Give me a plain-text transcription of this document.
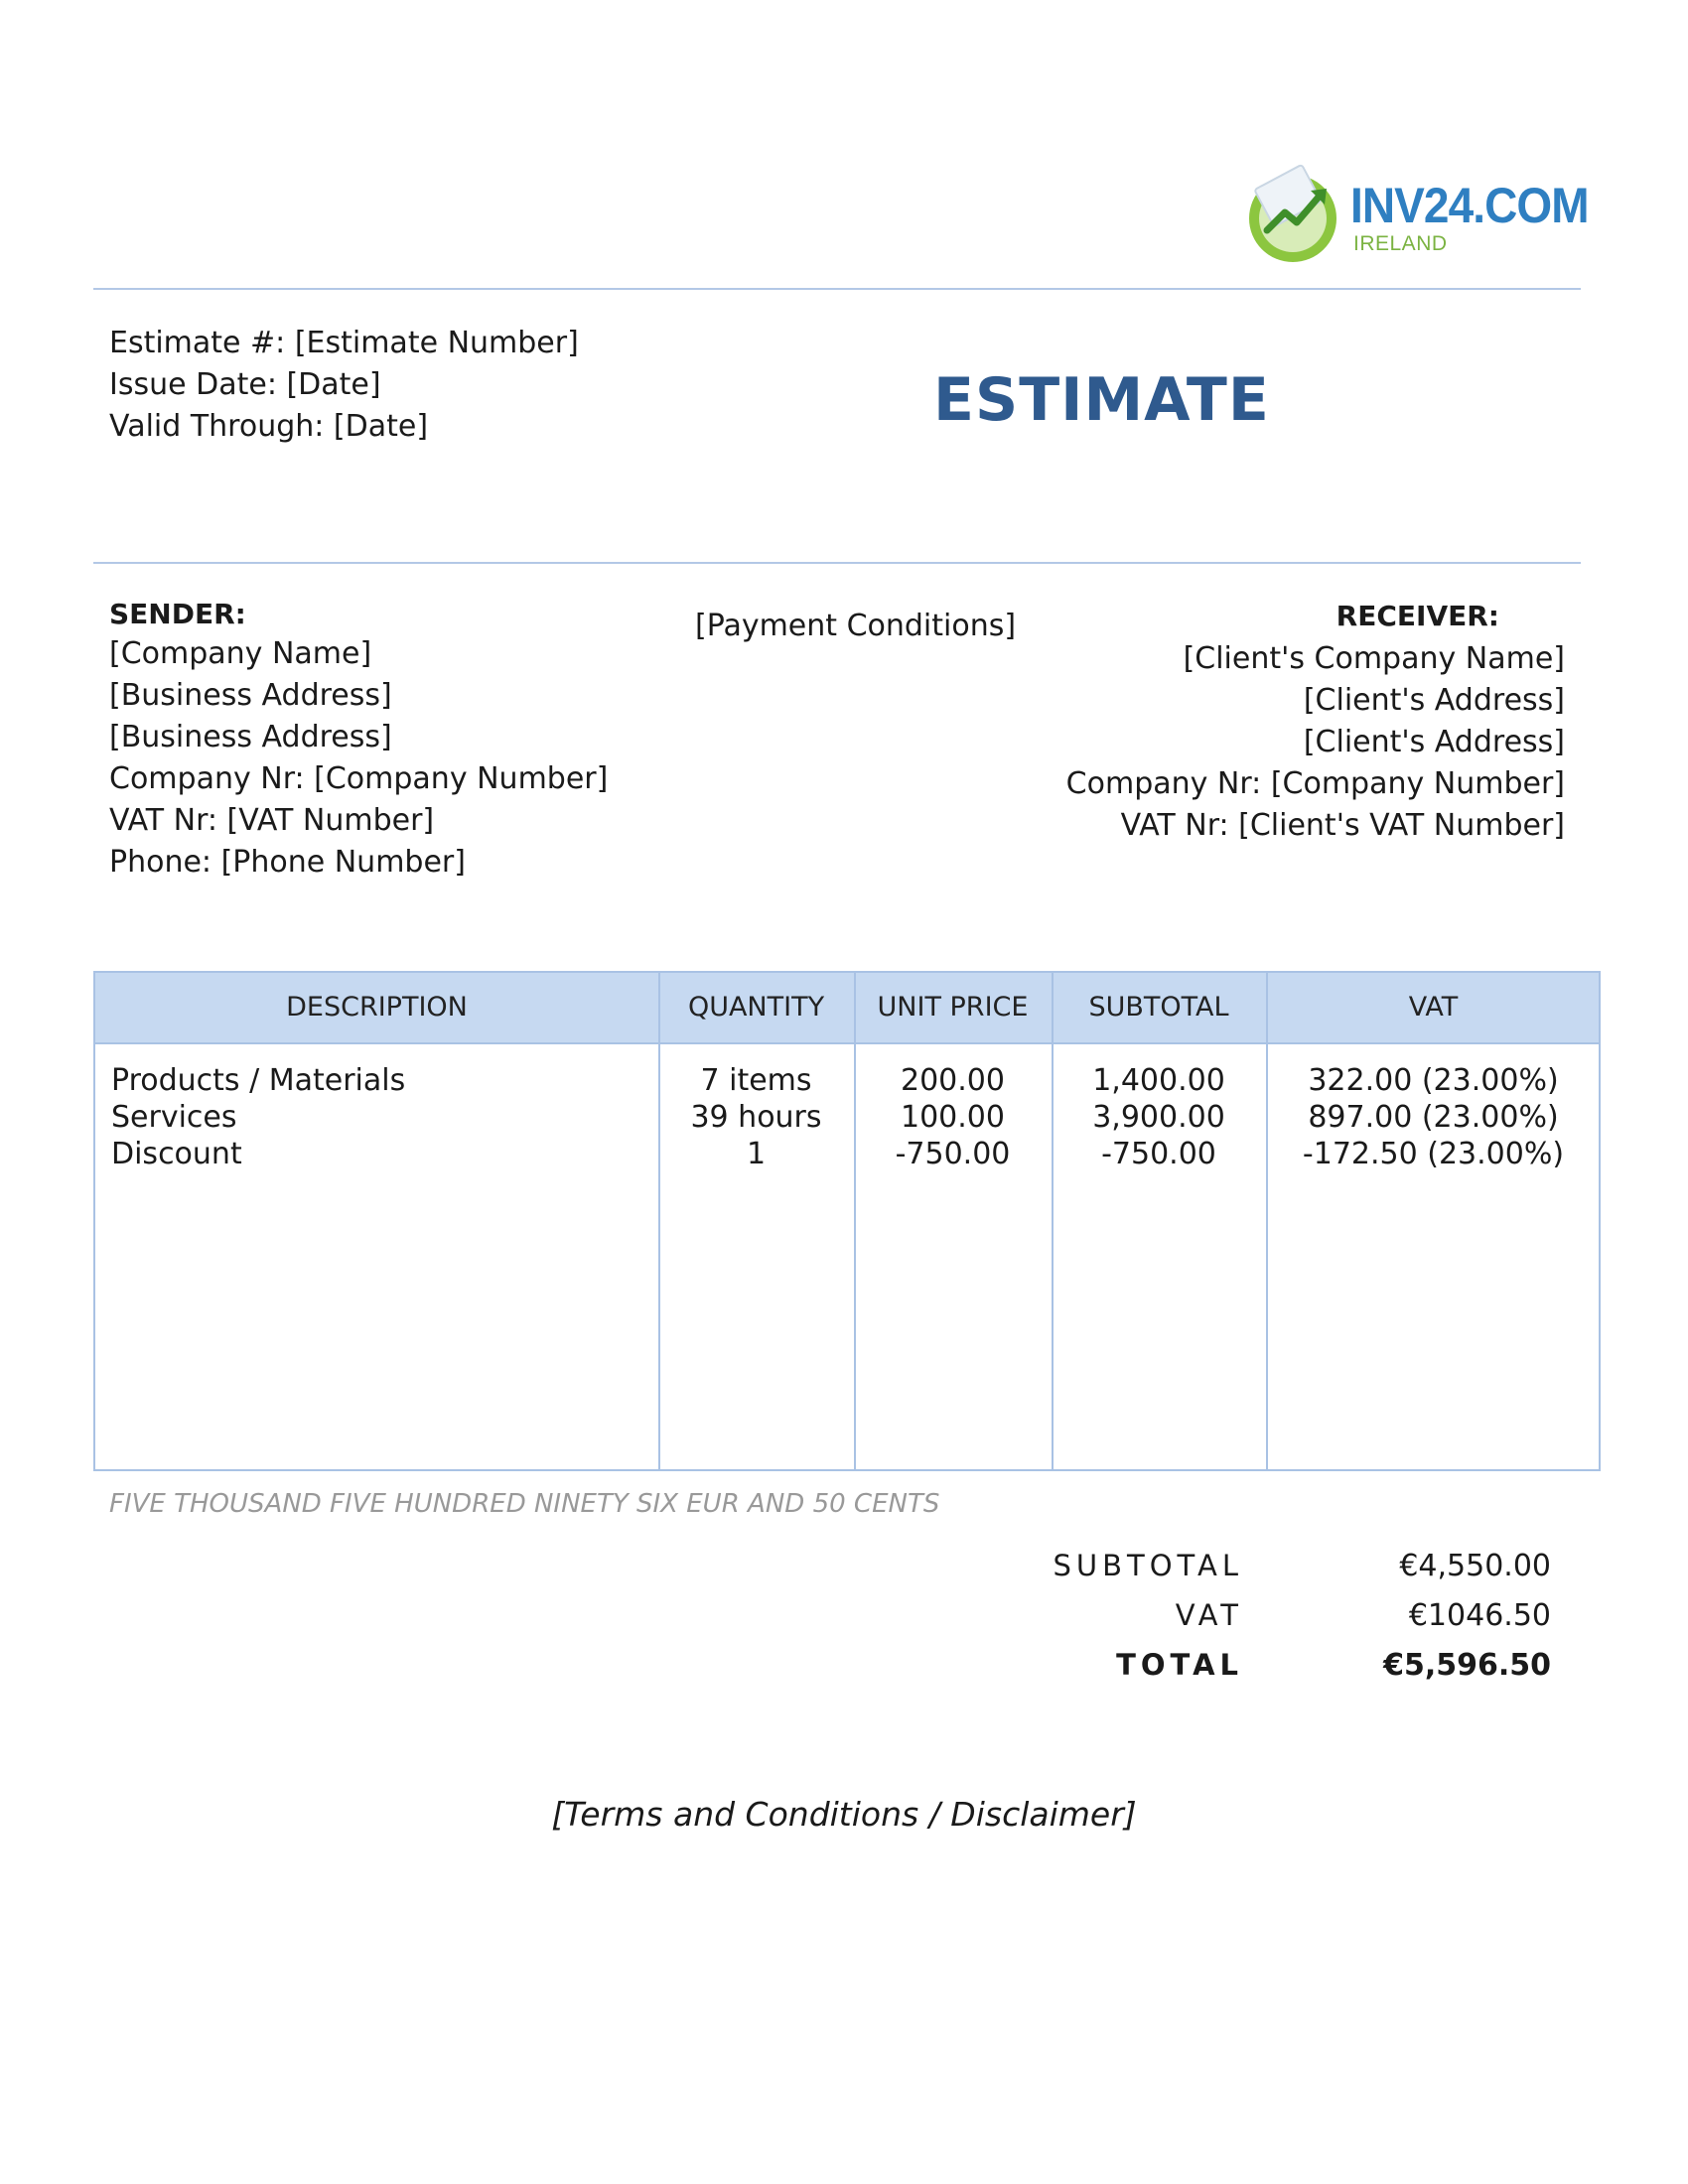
INV24.COM
IRELAND
Estimate #: [Estimate Number]
Issue Date: [Date]
Valid Through: [Date]	ESTIMATE
SENDER:
[Company Name]
[Business Address]
[Business Address]
Company Nr: [Company Number]
VAT Nr: [VAT Number]
Phone: [Phone Number]
[Payment Conditions]	RECEIVER:
[Client's Company Name]
[Client's Address]
[Client's Address]
Company Nr: [Company Number]
VAT Nr: [Client's VAT Number]
DESCRIPTION	QUANTITY	UNIT PRICE	SUBTOTAL	VAT
Products / Materials	7 items	200.00	1,400.00	322.00 (23.00%)
Services	39 hours	100.00	3,900.00	897.00 (23.00%)
Discount	1	-750.00	-750.00	-172.50 (23.00%)
FIVE THOUSAND FIVE HUNDRED NINETY SIX EUR AND 50 CENTS
SUBTOTAL	€4,550.00
VAT	€1046.50
TOTAL	€5,596.50
[Terms and Conditions / Disclaimer]
